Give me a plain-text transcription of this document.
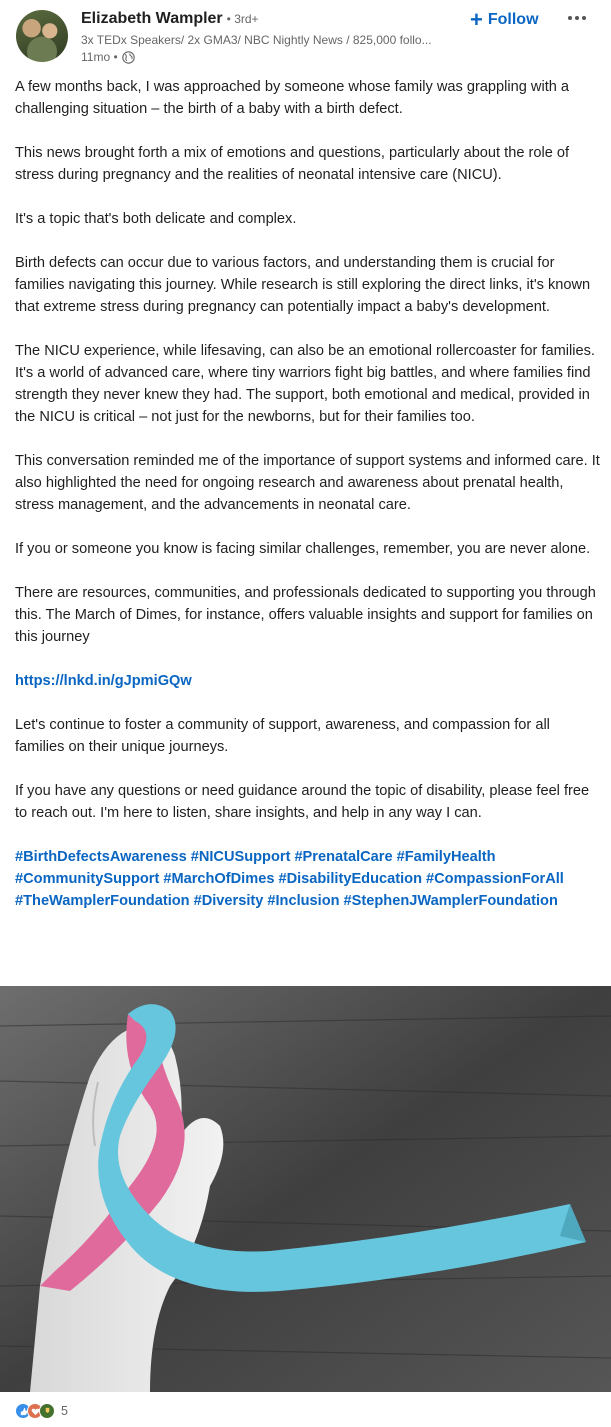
Elizabeth Wampler • 3rd+
3x TEDx Speakers/ 2x GMA3/ NBC Nightly News / 825,000 follo...
11mo •
+ Follow

A few months back, I was approached by someone whose family was grappling with a challenging situation – the birth of a baby with a birth defect.

This news brought forth a mix of emotions and questions, particularly about the role of stress during pregnancy and the realities of neonatal intensive care (NICU).

It's a topic that's both delicate and complex.

Birth defects can occur due to various factors, and understanding them is crucial for families navigating this journey. While research is still exploring the direct links, it's known that extreme stress during pregnancy can potentially impact a baby's development.

The NICU experience, while lifesaving, can also be an emotional rollercoaster for families. It's a world of advanced care, where tiny warriors fight big battles, and where families find strength they never knew they had. The support, both emotional and medical, provided in the NICU is critical – not just for the newborns, but for their families too.

This conversation reminded me of the importance of support systems and informed care. It also highlighted the need for ongoing research and awareness about prenatal health, stress management, and the advancements in neonatal care.

If you or someone you know is facing similar challenges, remember, you are never alone.

There are resources, communities, and professionals dedicated to supporting you through this. The March of Dimes, for instance, offers valuable insights and support for families on this journey

https://lnkd.in/gJpmiGQw

Let's continue to foster a community of support, awareness, and compassion for all families on their unique journeys.

If you have any questions or need guidance around the topic of disability, please feel free to reach out. I'm here to listen, share insights, and help in any way I can.

#BirthDefectsAwareness #NICUSupport #PrenatalCare #FamilyHealth #CommunitySupport #MarchOfDimes #DisabilityEducation #CompassionForAll #TheWamplerFoundation #Diversity #Inclusion #StephenJWamplerFoundation

5
